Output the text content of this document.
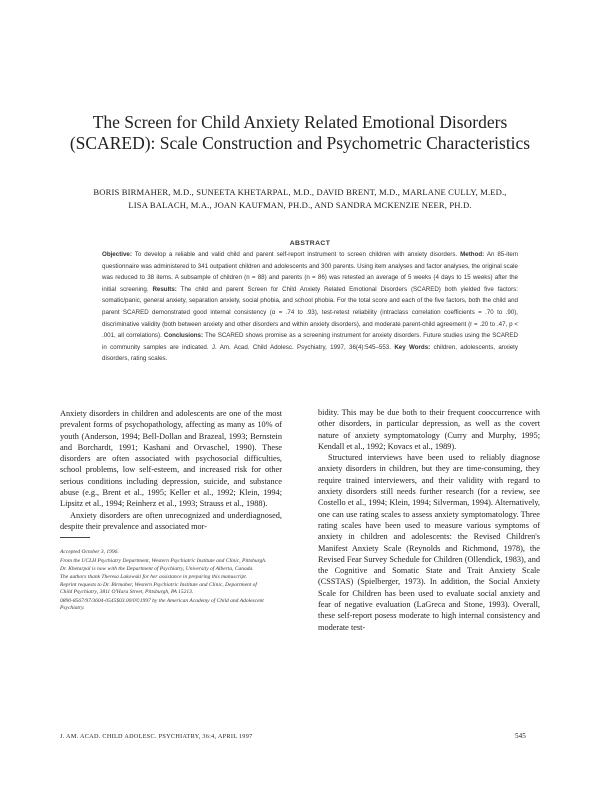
The Screen for Child Anxiety Related Emotional Disorders (SCARED): Scale Construction and Psychometric Characteristics
BORIS BIRMAHER, M.D., SUNEETA KHETARPAL, M.D., DAVID BRENT, M.D., MARLANE CULLY, M.ED.,
LISA BALACH, M.A., JOAN KAUFMAN, PH.D., AND SANDRA MCKENZIE NEER, PH.D.
ABSTRACT
Objective: To develop a reliable and valid child and parent self-report instrument to screen children with anxiety disorders. Method: An 85-item questionnaire was administered to 341 outpatient children and adolescents and 300 parents. Using item analyses and factor analyses, the original scale was reduced to 38 items. A subsample of children (n = 88) and parents (n = 86) was retested an average of 5 weeks (4 days to 15 weeks) after the initial screening. Results: The child and parent Screen for Child Anxiety Related Emotional Disorders (SCARED) both yielded five factors: somatic/panic, general anxiety, separation anxiety, social phobia, and school phobia. For the total score and each of the five factors, both the child and parent SCARED demonstrated good internal consistency (α = .74 to .93), test-retest reliability (intraclass correlation coefficients = .70 to .90), discriminative validity (both between anxiety and other disorders and within anxiety disorders), and moderate parent-child agreement (r = .20 to .47, p < .001, all correlations). Conclusions: The SCARED shows promise as a screening instrument for anxiety disorders. Future studies using the SCARED in community samples are indicated. J. Am. Acad. Child Adolesc. Psychiatry, 1997, 36(4):545–553. Key Words: children, adolescents, anxiety disorders, rating scales.

Anxiety disorders in children and adolescents are one of the most prevalent forms of psychopathology, affecting as many as 10% of youth (Anderson, 1994; Bell-Dollan and Brazeal, 1993; Bernstein and Borchardt, 1991; Kashani and Orvaschel, 1990). These disorders are often associated with psychosocial difficulties, school problems, low self-esteem, and increased risk for other serious conditions including depression, suicide, and substance abuse (e.g., Brent et al., 1995; Keller et al., 1992; Klein, 1994; Lipsitz et al., 1994; Reinherz et al., 1993; Strauss et al., 1988).

Anxiety disorders are often unrecognized and underdiagnosed, despite their prevalence and associated mor-

Accepted October 3, 1996.

From the UCLH Psychiatry Department, Western Psychiatric Institute and Clinic, Pittsburgh. Dr. Khetarpal is now with the Department of Psychiatry, University of Alberta, Canada.

The authors thank Theresa Lakowski for her assistance in preparing this manuscript.

Reprint requests to Dr. Birmaher, Western Psychiatric Institute and Clinic, Department of Child Psychiatry, 3811 O'Hara Street, Pittsburgh, PA 15213.

0890-8567/97/3604-0545$03.00/0©1997 by the American Academy of Child and Adolescent Psychiatry.

bidity. This may be due both to their frequent cooccurrence with other disorders, in particular depression, as well as the covert nature of anxiety symptomatology (Curry and Murphy, 1995; Kendall et al., 1992; Kovacs et al., 1989).

Structured interviews have been used to reliably diagnose anxiety disorders in children, but they are time-consuming, they require trained interviewers, and their validity with regard to anxiety disorders still needs further research (for a review, see Costello et al., 1994; Klein, 1994; Silverman, 1994). Alternatively, one can use rating scales to assess anxiety symptomatology. Three rating scales have been used to measure various symptoms of anxiety in children and adolescents: the Revised Children's Manifest Anxiety Scale (Reynolds and Richmond, 1978), the Revised Fear Survey Schedule for Children (Ollendick, 1983), and the Cognitive and Somatic State and Trait Anxiety Scale (CSSTAS) (Spielberger, 1973). In addition, the Social Anxiety Scale for Children has been used to evaluate social anxiety and fear of negative evaluation (LaGreca and Stone, 1993). Overall, these self-report posess moderate to high internal consistency and moderate test-

J. AM. ACAD. CHILD ADOLESC. PSYCHIATRY, 36:4, APRIL 1997	545
